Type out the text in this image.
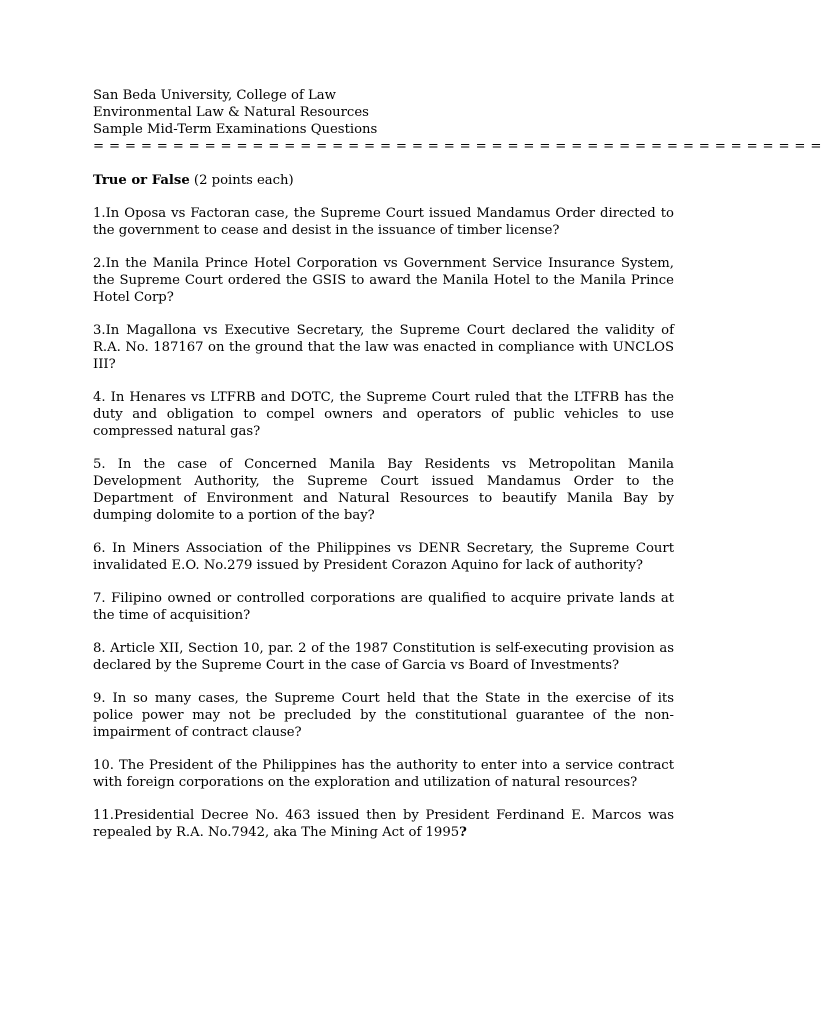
San Beda University, College of Law

Environmental Law & Natural Resources

Sample Mid-Term Examinations Questions

= = = = = = = = = = = = = = = = = = = = = = = = = = = = = = = = = = = = = = = = = = = = = =

True or False (2 points each)

1.In Oposa vs Factoran case, the Supreme Court issued Mandamus Order directed to the government to cease and desist in the issuance of timber license?
2.In the Manila Prince Hotel Corporation vs Government Service Insurance System, the Supreme Court ordered the GSIS to award the Manila Hotel to the Manila Prince Hotel Corp?
3.In Magallona vs Executive Secretary, the Supreme Court declared the validity of R.A. No. 187167 on the ground that the law was enacted in compliance with UNCLOS III?
4. In Henares vs LTFRB and DOTC, the Supreme Court ruled that the LTFRB has the duty and obligation to compel owners and operators of public vehicles to use compressed natural gas?
5. In the case of Concerned Manila Bay Residents vs Metropolitan Manila Development Authority, the Supreme Court issued Mandamus Order to the Department of Environment and Natural Resources to beautify Manila Bay by dumping dolomite to a portion of the bay?
6. In Miners Association of the Philippines vs DENR Secretary, the Supreme Court invalidated E.O. No.279 issued by President Corazon Aquino for lack of authority?
7. Filipino owned or controlled corporations are qualified to acquire private lands at the time of acquisition?
8. Article XII, Section 10, par. 2 of the 1987 Constitution is self-executing provision as declared by the Supreme Court in the case of Garcia vs Board of Investments?
9. In so many cases, the Supreme Court held that the State in the exercise of its police power may not be precluded by the constitutional guarantee of the non-impairment of contract clause?
10. The President of the Philippines has the authority to enter into a service contract with foreign corporations on the exploration and utilization of natural resources?
11.Presidential Decree No. 463 issued then by President Ferdinand E. Marcos was repealed by R.A. No.7942, aka The Mining Act of 1995?
